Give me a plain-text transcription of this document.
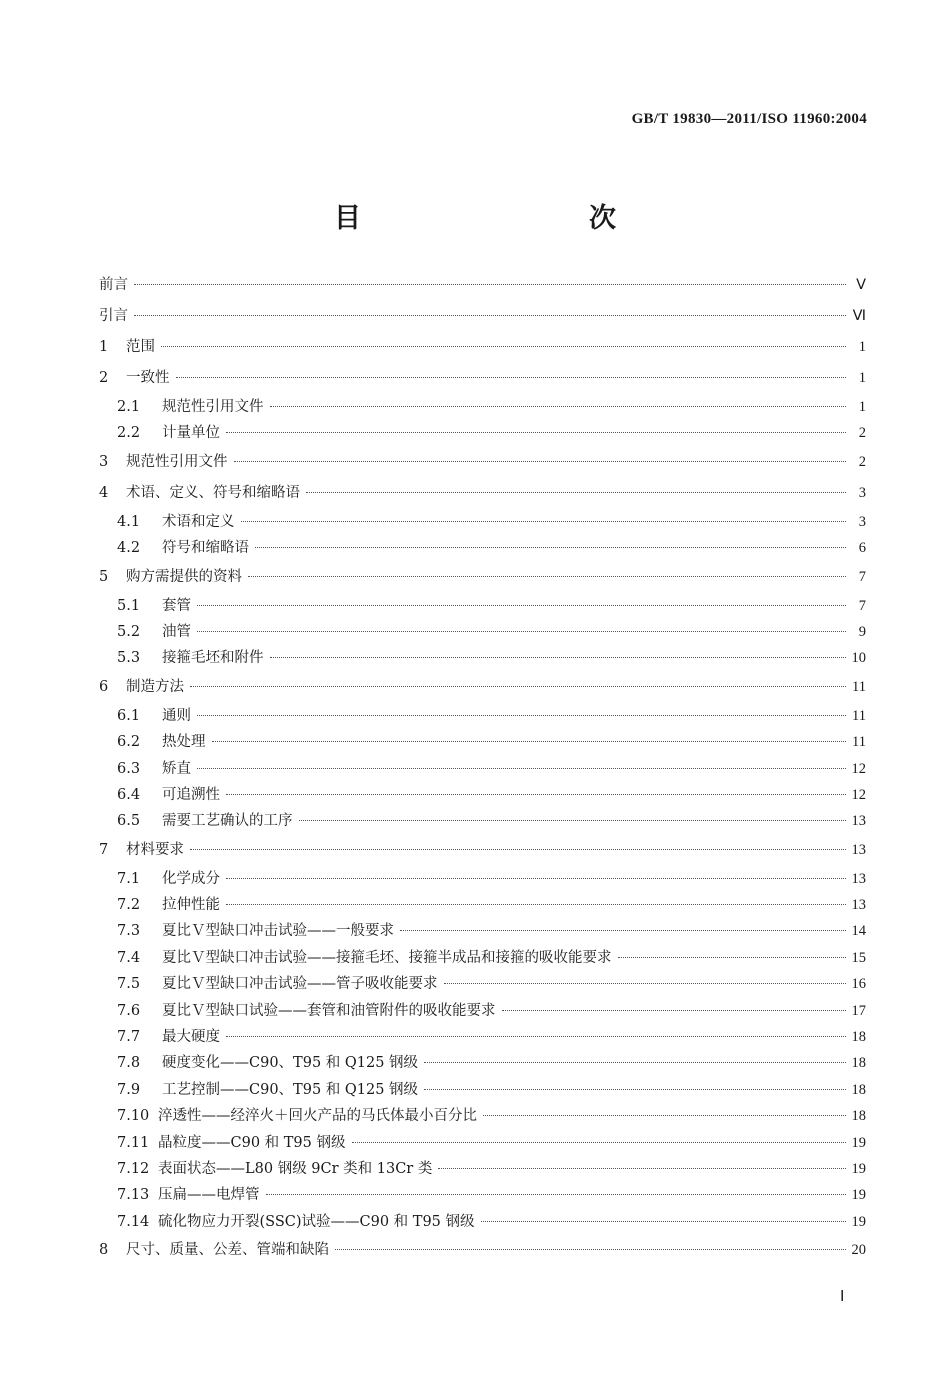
GB/T 19830—2011/ISO 11960:2004
目　　次
前言	Ⅴ
引言	Ⅵ
1	范围	1
2	一致性	1
2.1	规范性引用文件	1
2.2	计量单位	2
3	规范性引用文件	2
4	术语、定义、符号和缩略语	3
4.1	术语和定义	3
4.2	符号和缩略语	6
5	购方需提供的资料	7
5.1	套管	7
5.2	油管	9
5.3	接箍毛坯和附件	10
6	制造方法	11
6.1	通则	11
6.2	热处理	11
6.3	矫直	12
6.4	可追溯性	12
6.5	需要工艺确认的工序	13
7	材料要求	13
7.1	化学成分	13
7.2	拉伸性能	13
7.3	夏比Ｖ型缺口冲击试验——一般要求	14
7.4	夏比Ｖ型缺口冲击试验——接箍毛坯、接箍半成品和接箍的吸收能要求	15
7.5	夏比Ｖ型缺口冲击试验——管子吸收能要求	16
7.6	夏比Ｖ型缺口试验——套管和油管附件的吸收能要求	17
7.7	最大硬度	18
7.8	硬度变化——C90、T95 和 Q125 钢级	18
7.9	工艺控制——C90、T95 和 Q125 钢级	18
7.10 淬透性——经淬火＋回火产品的马氏体最小百分比	18
7.11 晶粒度——C90 和 T95 钢级	19
7.12 表面状态——L80 钢级 9Cr 类和 13Cr 类	19
7.13 压扁——电焊管	19
7.14 硫化物应力开裂(SSC)试验——C90 和 T95 钢级	19
8	尺寸、质量、公差、管端和缺陷	20
Ⅰ
